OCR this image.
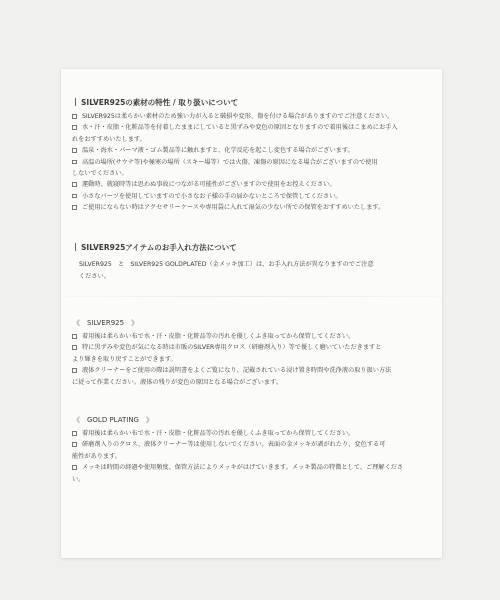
SILVER925の素材の特性 / 取り扱いについて
SILVER925は柔らかい素材のため強い力が入ると破損や変形、傷を付ける場合がありますのでご注意ください。
水・汗・皮脂・化粧品等を付着したままにしていると黒ずみや変色の原因となりますので着用後はこまめにお手入
れをおすすめいたします。
温泉・海水・パーマ液・ゴム製品等に触れますと、化学反応を起こし変色する場合がございます。
高温の場所(サウナ等)や極寒の場所（スキー場等）では火傷、凍傷の原因になる場合がございますので使用
しないでください。
運動時、就寝時等は思わぬ事故につながる可能性がございますので使用をお控えください。
小さなパーツを使用していますので小さなお子様の手の届かないところで保管してください。
ご使用にならない時はアクセサリーケースや専用袋に入れて湿気の少ない所での保管をおすすめいたします。
SILVER925アイテムのお手入れ方法について
SILVER925　と　SILVER925 GOLDPLATED（金メッキ加工）は、お手入れ方法が異なりますのでご注意
ください。
《　SILVER925　》
着用後は柔らかい布で水・汗・皮脂・化粧品等の汚れを優しくふき取ってから保管してください。
特に黒ずみや変色が気になる時は市販のSILVER専用クロス（研磨剤入り）等で優しく磨いていただきますと
より輝きを取り戻すことができます。
液体クリーナーをご使用の際は説明書をよくご覧になり、記載されている浸け置き時間や洗浄液の取り扱い方法
に従って作業ください。液体の残りが変色の原因となる場合がございます。
《　GOLD PLATING　》
着用後は柔らかい布で水・汗・皮脂・化粧品等の汚れを優しくふき取ってから保管してください。
研磨剤入りのクロス、液体クリーナー等は使用しないでください。表面の金メッキが剥がれたり、変色する可
能性があります。
メッキは時間の経過や使用頻度、保管方法によりメッキがはげていきます。メッキ製品の特徴として、ご理解くださ
い。
